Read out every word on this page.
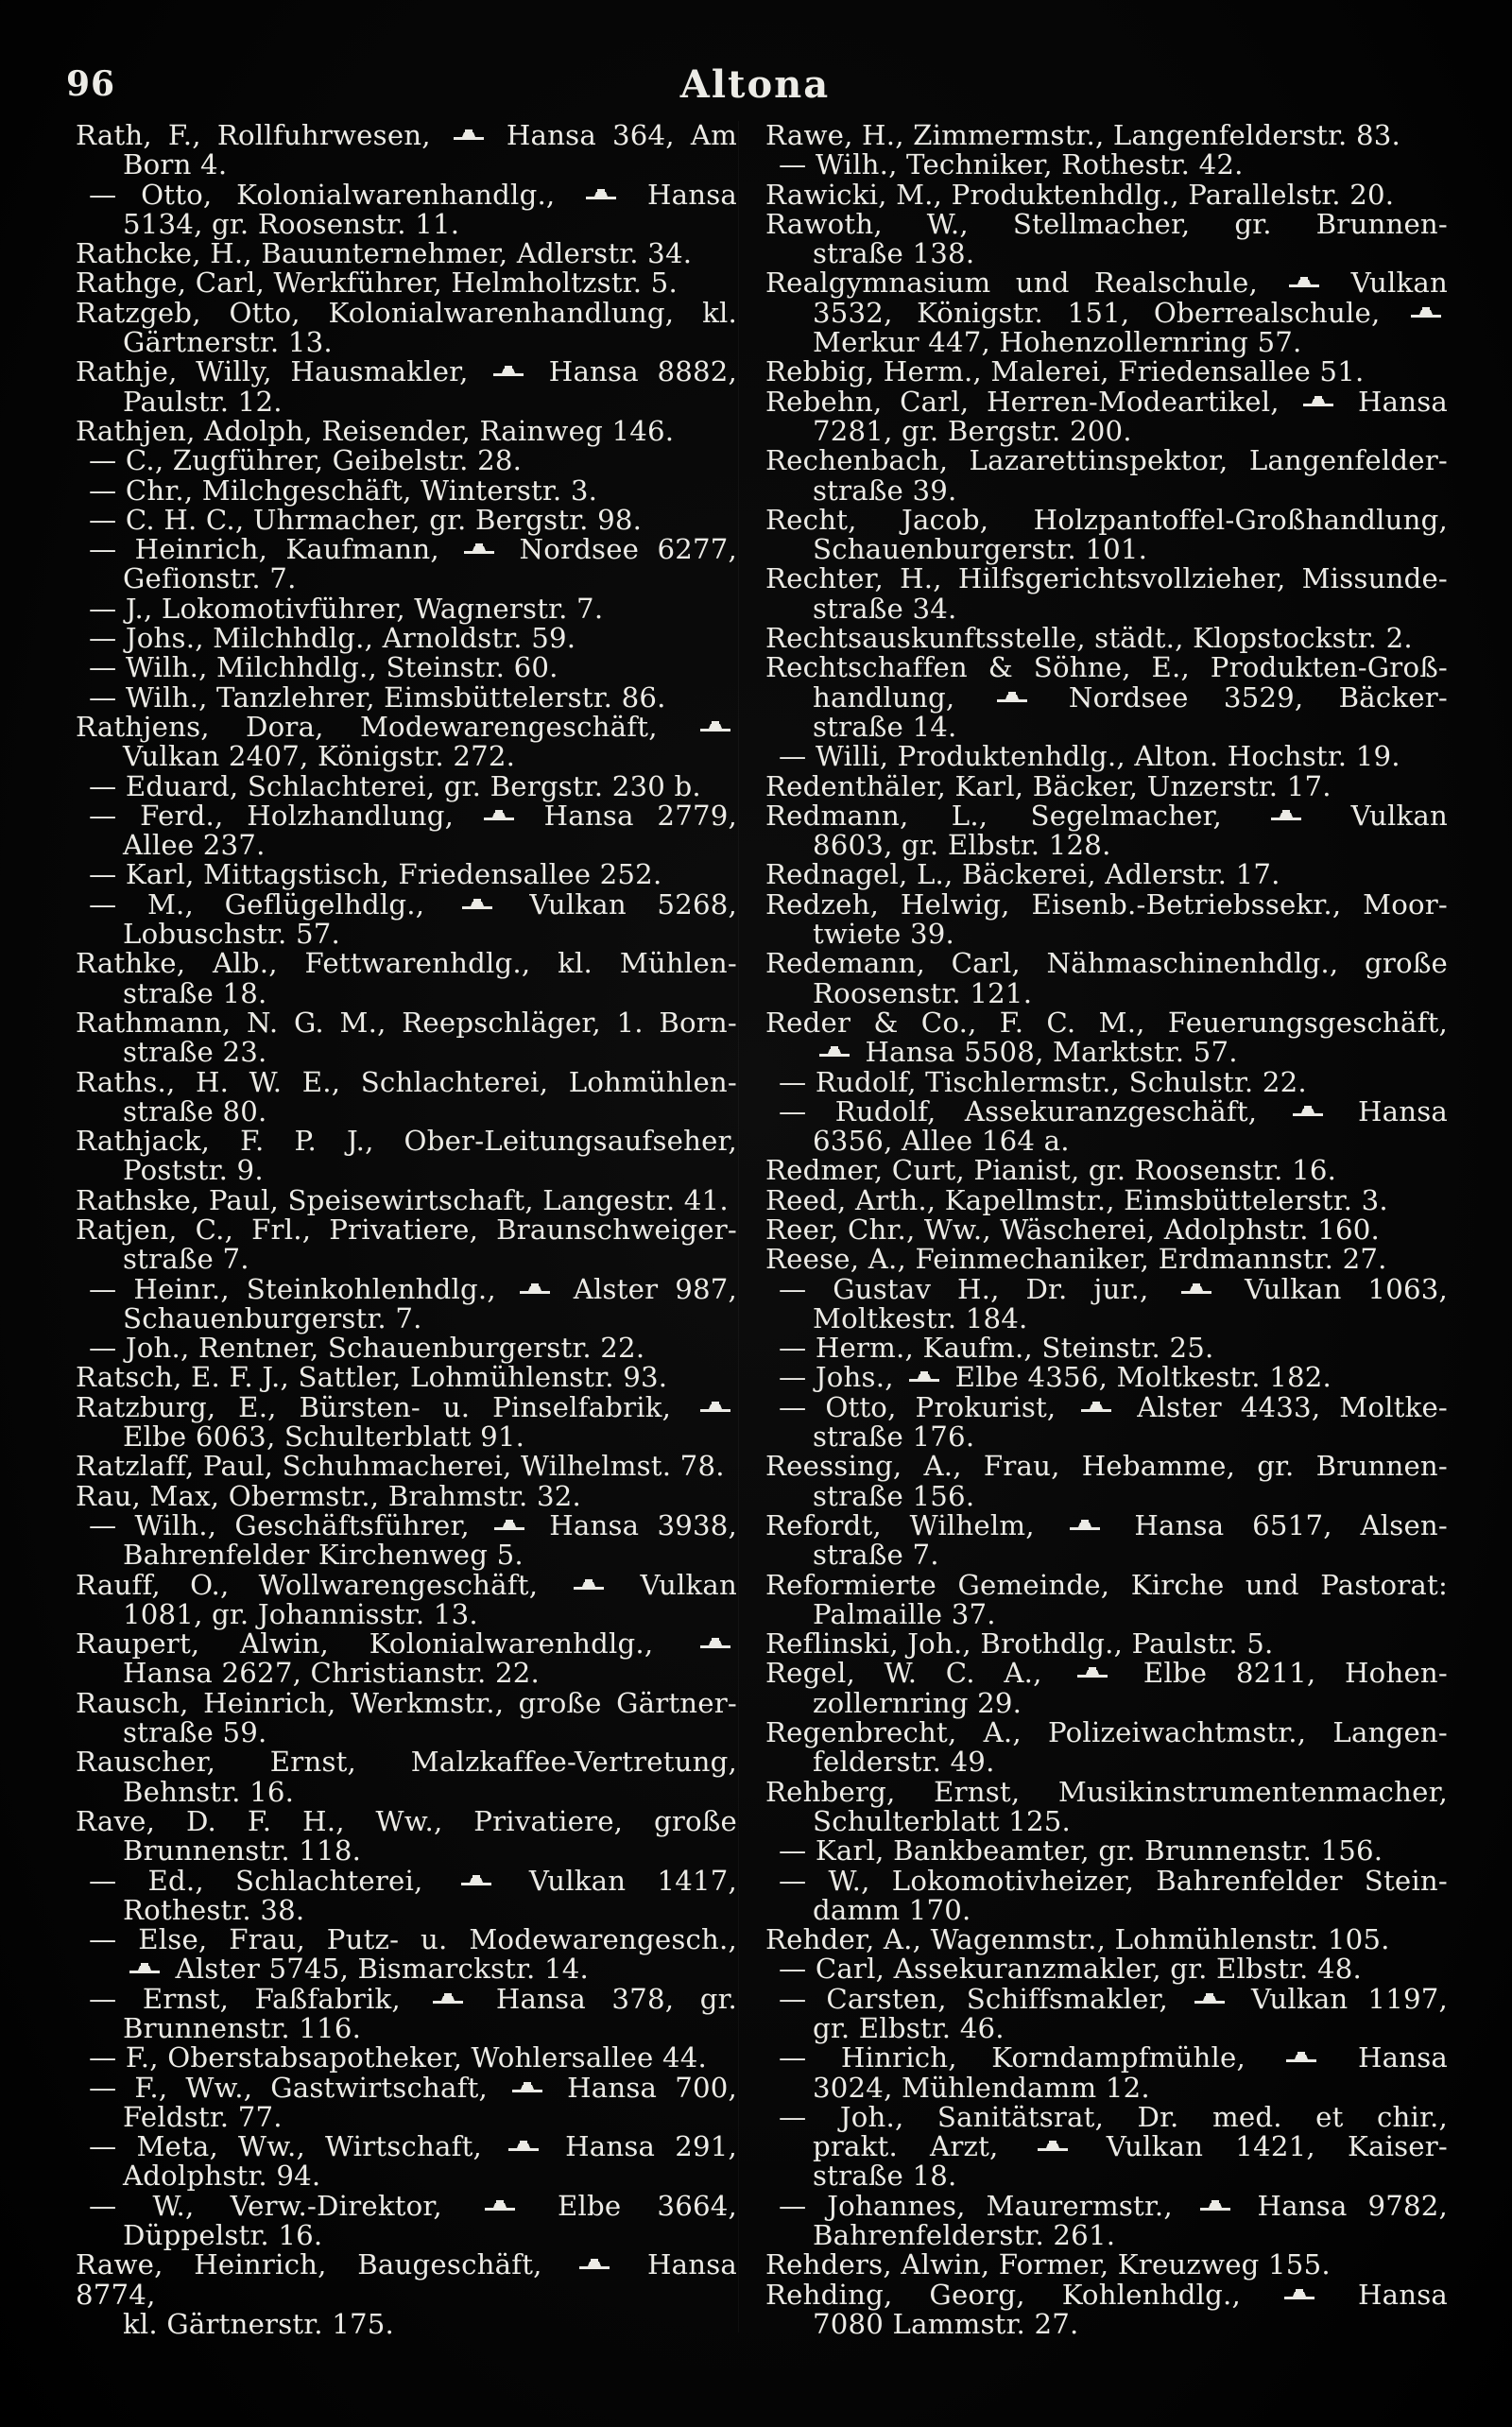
96	Altona
Rath, F., Rollfuhrwesen,
Hansa 364, Am
Born 4.
— Otto, Kolonialwarenhandlg.,
Hansa
5134, gr. Roosenstr. 11.
Rathcke, H., Bauunternehmer, Adlerstr. 34.
Rathge, Carl, Werkführer, Helmholtzstr. 5.
Ratzgeb, Otto, Kolonialwarenhandlung, kl.
Gärtnerstr. 13.
Rathje, Willy, Hausmakler,
Hansa 8882,
Paulstr. 12.
Rathjen, Adolph, Reisender, Rainweg 146.
— C., Zugführer, Geibelstr. 28.
— Chr., Milchgeschäft, Winterstr. 3.
— C. H. C., Uhrmacher, gr. Bergstr. 98.
— Heinrich, Kaufmann,
Nordsee 6277,
Gefionstr. 7.
— J., Lokomotivführer, Wagnerstr. 7.
— Johs., Milchhdlg., Arnoldstr. 59.
— Wilh., Milchhdlg., Steinstr. 60.
— Wilh., Tanzlehrer, Eimsbüttelerstr. 86.
Rathjens, Dora, Modewarengeschäft,
Vulkan 2407, Königstr. 272.
— Eduard, Schlachterei, gr. Bergstr. 230 b.
— Ferd., Holzhandlung,
Hansa 2779,
Allee 237.
— Karl, Mittagstisch, Friedensallee 252.
— M., Geflügelhdlg.,
Vulkan 5268,
Lobuschstr. 57.
Rathke, Alb., Fettwarenhdlg., kl. Mühlen-
straße 18.
Rathmann, N. G. M., Reepschläger, 1. Born-
straße 23.
Raths., H. W. E., Schlachterei, Lohmühlen-
straße 80.
Rathjack, F. P. J., Ober-Leitungsaufseher,
Poststr. 9.
Rathske, Paul, Speisewirtschaft, Langestr. 41.
Ratjen, C., Frl., Privatiere, Braunschweiger-
straße 7.
— Heinr., Steinkohlenhdlg.,
Alster 987,
Schauenburgerstr. 7.
— Joh., Rentner, Schauenburgerstr. 22.
Ratsch, E. F. J., Sattler, Lohmühlenstr. 93.
Ratzburg, E., Bürsten- u. Pinselfabrik,
Elbe 6063, Schulterblatt 91.
Ratzlaff, Paul, Schuhmacherei, Wilhelmst. 78.
Rau, Max, Obermstr., Brahmstr. 32.
— Wilh., Geschäftsführer,
Hansa 3938,
Bahrenfelder Kirchenweg 5.
Rauff, O., Wollwarengeschäft,
Vulkan
1081, gr. Johannisstr. 13.
Raupert, Alwin, Kolonialwarenhdlg.,
Hansa 2627, Christianstr. 22.
Rausch, Heinrich, Werkmstr., große Gärtner-
straße 59.
Rauscher, Ernst, Malzkaffee-Vertretung,
Behnstr. 16.
Rave, D. F. H., Ww., Privatiere, große
Brunnenstr. 118.
— Ed., Schlachterei,
Vulkan 1417,
Rothestr. 38.
— Else, Frau, Putz- u. Modewarengesch.,
Alster 5745, Bismarckstr. 14.
— Ernst, Faßfabrik,
Hansa 378, gr.
Brunnenstr. 116.
— F., Oberstabsapotheker, Wohlersallee 44.
— F., Ww., Gastwirtschaft,
Hansa 700,
Feldstr. 77.
— Meta, Ww., Wirtschaft,
Hansa 291,
Adolphstr. 94.
— W., Verw.-Direktor,
Elbe 3664,
Düppelstr. 16.
Rawe, Heinrich, Baugeschäft,
Hansa 8774,
kl. Gärtnerstr. 175.
Rawe, H., Zimmermstr., Langenfelderstr. 83.
— Wilh., Techniker, Rothestr. 42.
Rawicki, M., Produktenhdlg., Parallelstr. 20.
Rawoth, W., Stellmacher, gr. Brunnen-
straße 138.
Realgymnasium und Realschule,
Vulkan
3532, Königstr. 151, Oberrealschule,
Merkur 447, Hohenzollernring 57.
Rebbig, Herm., Malerei, Friedensallee 51.
Rebehn, Carl, Herren-Modeartikel,
Hansa
7281, gr. Bergstr. 200.
Rechenbach, Lazarettinspektor, Langenfelder-
straße 39.
Recht, Jacob, Holzpantoffel-Großhandlung,
Schauenburgerstr. 101.
Rechter, H., Hilfsgerichtsvollzieher, Missunde-
straße 34.
Rechtsauskunftsstelle, städt., Klopstockstr. 2.
Rechtschaffen & Söhne, E., Produkten-Groß-
handlung,
Nordsee 3529, Bäcker-
straße 14.
— Willi, Produktenhdlg., Alton. Hochstr. 19.
Redenthäler, Karl, Bäcker, Unzerstr. 17.
Redmann, L., Segelmacher,
Vulkan
8603, gr. Elbstr. 128.
Rednagel, L., Bäckerei, Adlerstr. 17.
Redzeh, Helwig, Eisenb.-Betriebssekr., Moor-
twiete 39.
Redemann, Carl, Nähmaschinenhdlg., große
Roosenstr. 121.
Reder & Co., F. C. M., Feuerungsgeschäft,
Hansa 5508, Marktstr. 57.
— Rudolf, Tischlermstr., Schulstr. 22.
— Rudolf, Assekuranzgeschäft,
Hansa
6356, Allee 164 a.
Redmer, Curt, Pianist, gr. Roosenstr. 16.
Reed, Arth., Kapellmstr., Eimsbüttelerstr. 3.
Reer, Chr., Ww., Wäscherei, Adolphstr. 160.
Reese, A., Feinmechaniker, Erdmannstr. 27.
— Gustav H., Dr. jur.,
Vulkan 1063,
Moltkestr. 184.
— Herm., Kaufm., Steinstr. 25.
— Johs.,
Elbe 4356, Moltkestr. 182.
— Otto, Prokurist,
Alster 4433, Moltke-
straße 176.
Reessing, A., Frau, Hebamme, gr. Brunnen-
straße 156.
Refordt, Wilhelm,
Hansa 6517, Alsen-
straße 7.
Reformierte Gemeinde, Kirche und Pastorat:
Palmaille 37.
Reflinski, Joh., Brothdlg., Paulstr. 5.
Regel, W. C. A.,
Elbe 8211, Hohen-
zollernring 29.
Regenbrecht, A., Polizeiwachtmstr., Langen-
felderstr. 49.
Rehberg, Ernst, Musikinstrumentenmacher,
Schulterblatt 125.
— Karl, Bankbeamter, gr. Brunnenstr. 156.
— W., Lokomotivheizer, Bahrenfelder Stein-
damm 170.
Rehder, A., Wagenmstr., Lohmühlenstr. 105.
— Carl, Assekuranzmakler, gr. Elbstr. 48.
— Carsten, Schiffsmakler,
Vulkan 1197,
gr. Elbstr. 46.
— Hinrich, Korndampfmühle,
Hansa
3024, Mühlendamm 12.
— Joh., Sanitätsrat, Dr. med. et chir.,
prakt. Arzt,
Vulkan 1421, Kaiser-
straße 18.
— Johannes, Maurermstr.,
Hansa 9782,
Bahrenfelderstr. 261.
Rehders, Alwin, Former, Kreuzweg 155.
Rehding, Georg, Kohlenhdlg.,
Hansa
7080 Lammstr. 27.
